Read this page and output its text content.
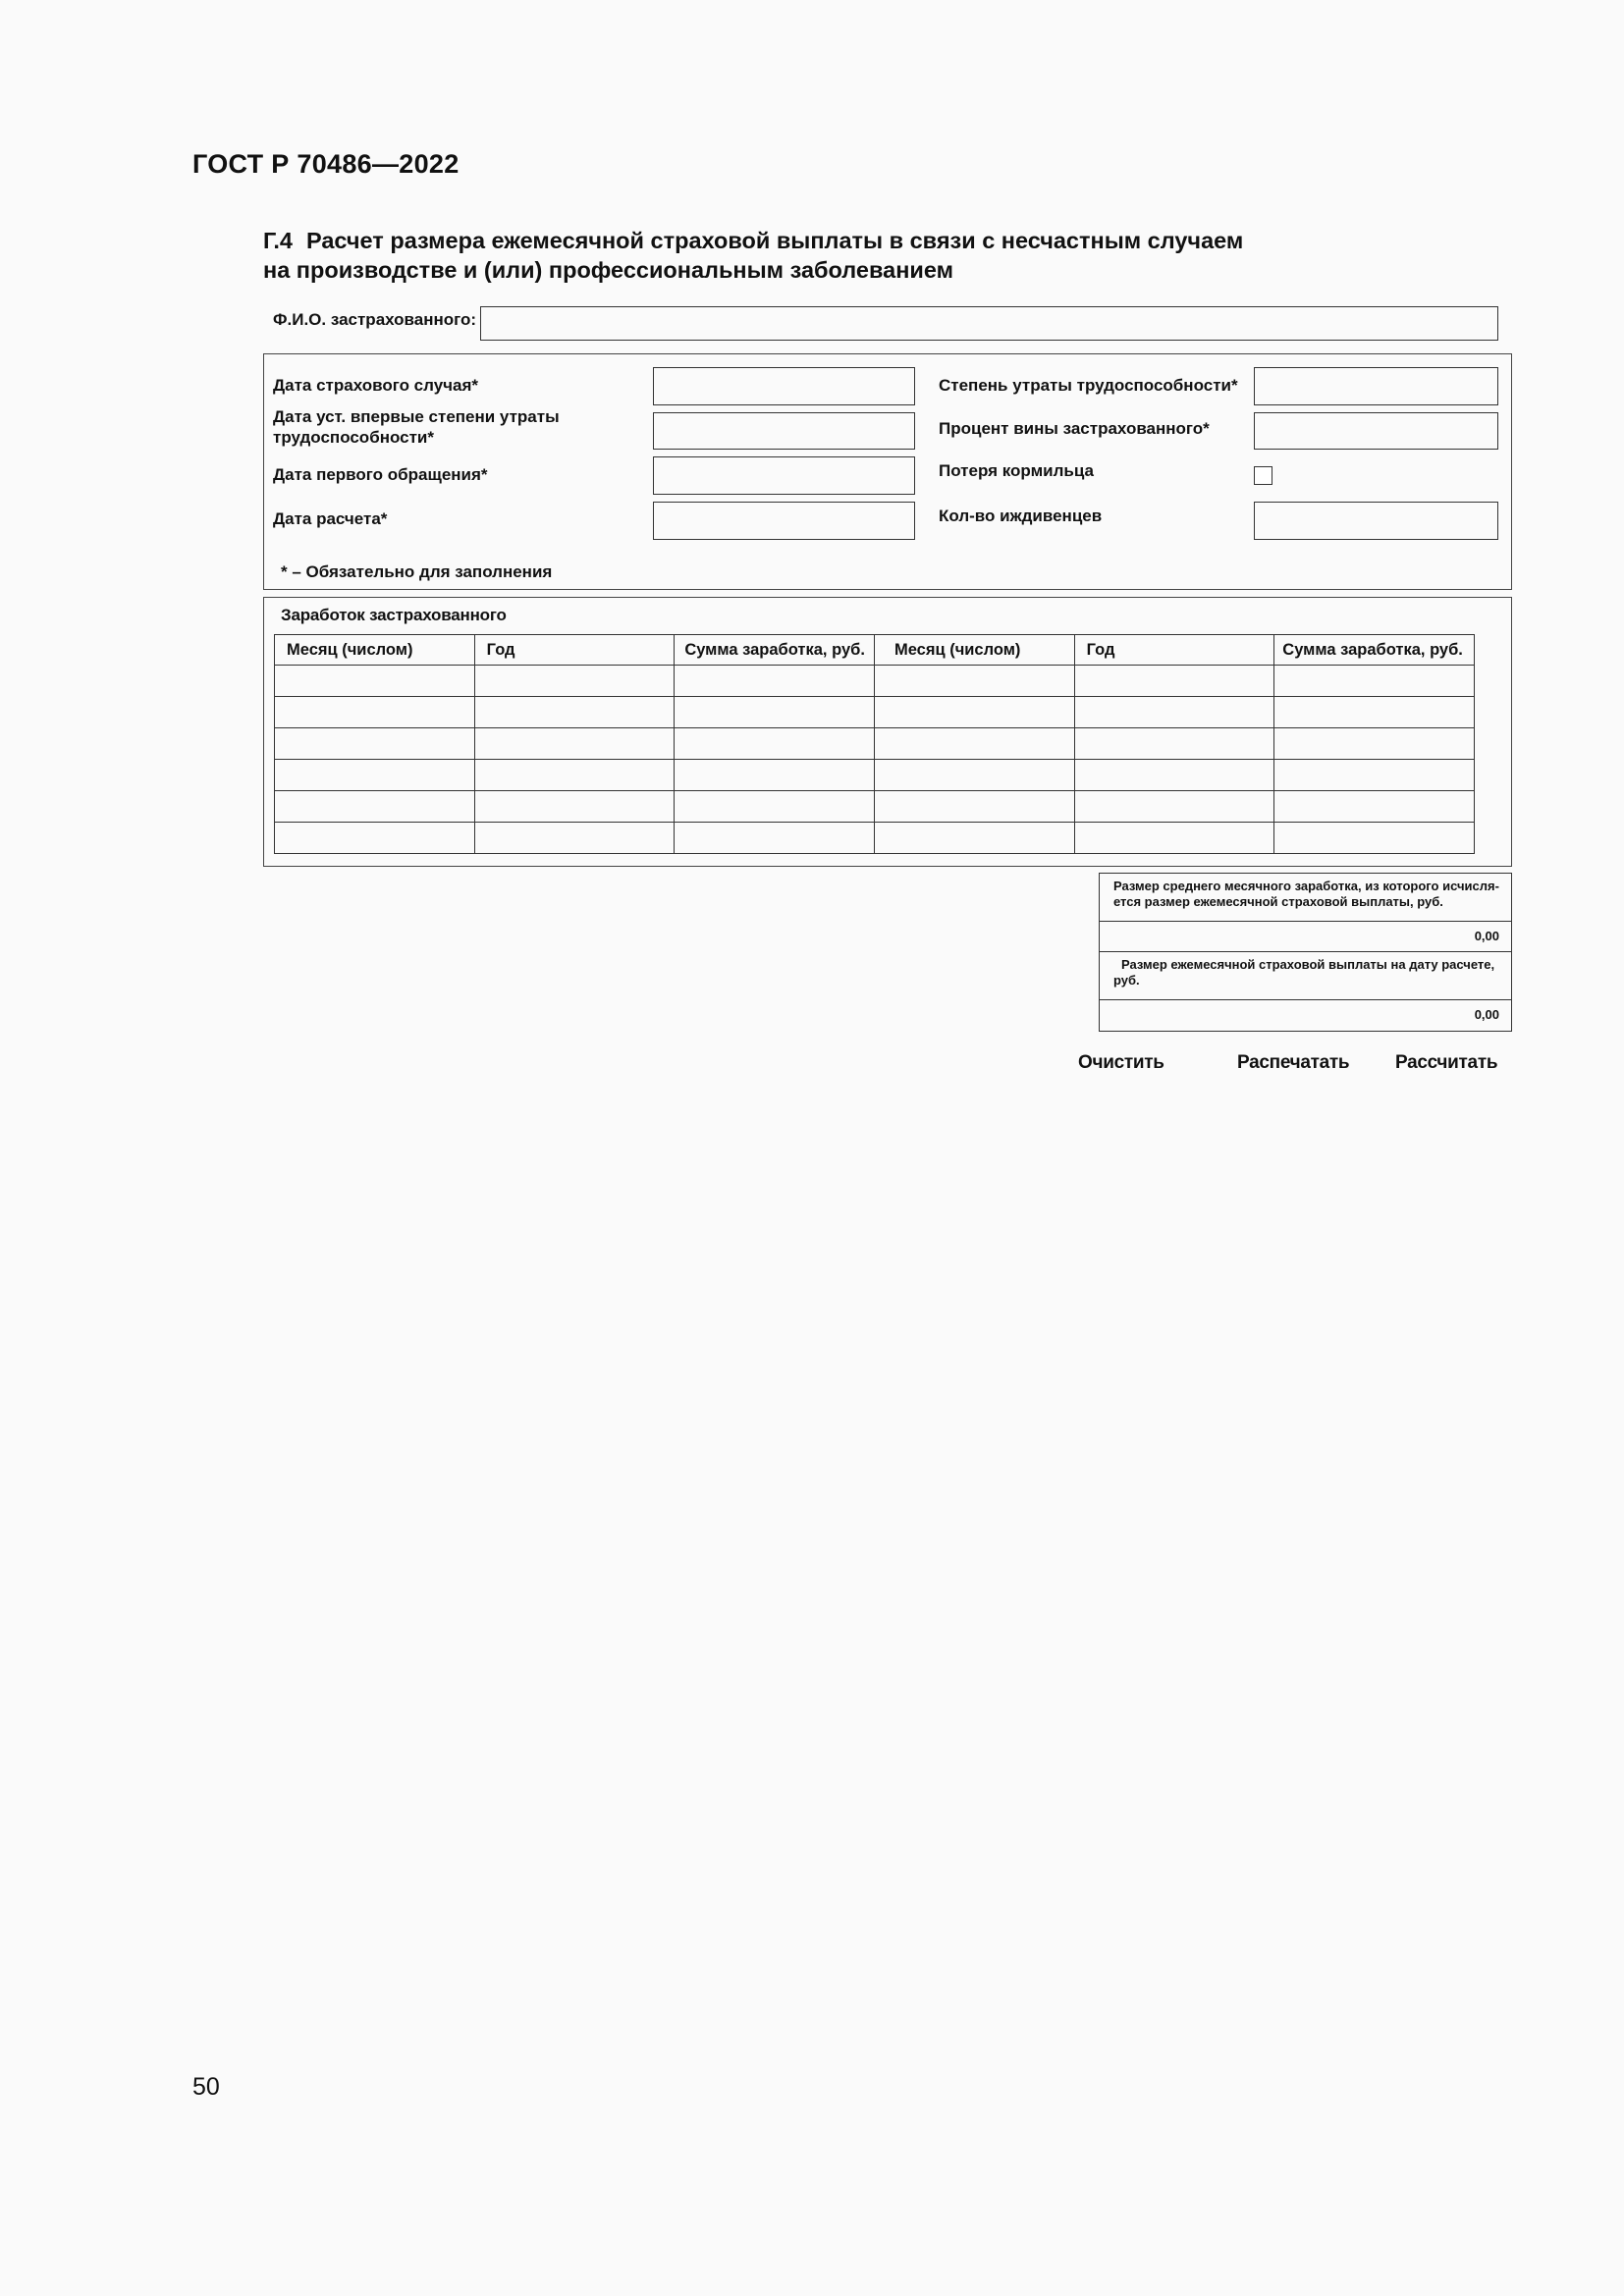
ГОСТ Р 70486—2022
Г.4 Расчет размера ежемесячной страховой выплаты в связи с несчастным случаем
на производстве и (или) профессиональным заболеванием
Ф.И.О. застрахованного:
Дата страхового случая*
Дата уст. впервые степени утраты
трудоспособности*
Дата первого обращения*
Дата расчета*
Степень утраты трудоспособности*
Процент вины застрахованного*
Потеря кормильца
Кол-во иждивенцев
* – Обязательно для заполнения
Заработок застрахованного
Месяц (числом)	Год	Сумма заработка, руб.	Месяц (числом)	Год	Сумма заработка, руб.

Размер среднего месячного заработка, из которого исчисля-
ется размер ежемесячной страховой выплаты, руб.
0,00
Размер ежемесячной страховой выплаты на дату расчете,
руб.
0,00
Очистить	Распечатать Рассчитать
50
